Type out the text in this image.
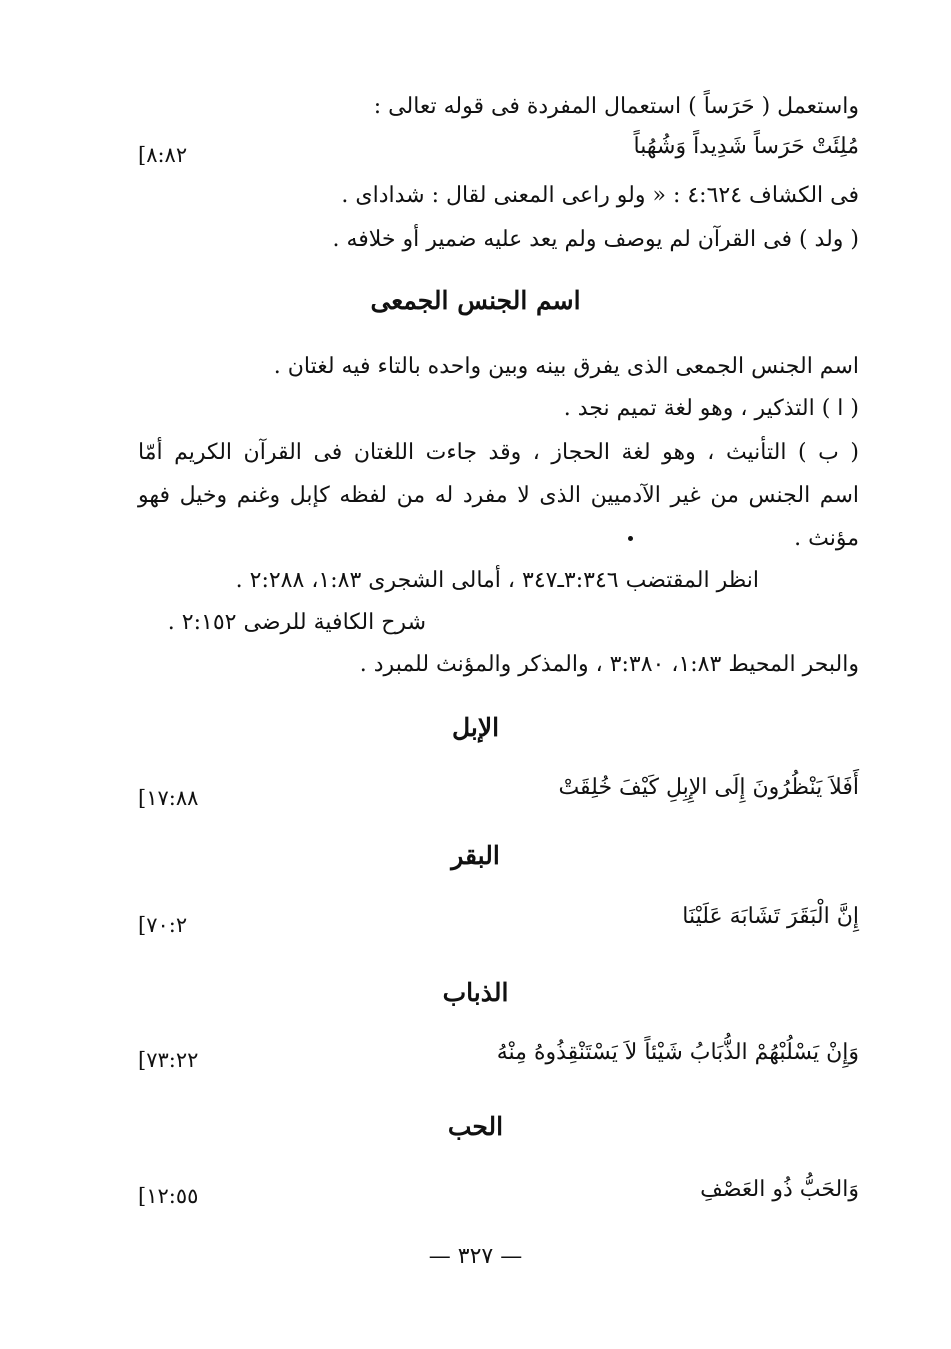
واستعمل ( حَرَساً ) استعمال المفردة فى قوله تعالى :
مُلِئَتْ حَرَساً شَدِيداً وَشُهُباً
[٨:٨٢
فى الكشاف ٤:٦٢٤ : « ولو راعى المعنى لقال : شدادای .
( ولد ) فى القرآن لم يوصف ولم يعد عليه ضمير أو خلافه .
اسم الجنس الجمعى
اسم الجنس الجمعى الذى يفرق بينه وبين واحده بالتاء فيه لغتان .
( ا ) التذكير ، وهو لغة تميم نجد .
( ب ) التأنيث ، وهو لغة الحجاز ، وقد جاءت اللغتان فى القرآن الكريم أمّا
اسم الجنس من غير الآدميين الذى لا مفرد له من لفظه كإبل وغنم وخيل فهو
مؤنث .
انظر المقتضب ٣:٣٤٦ـ٣٤٧ ، أمالى الشجرى ١:٨٣، ٢:٢٨٨ .
شرح الكافية للرضى ٢:١٥٢ .
والبحر المحيط ١:٨٣، ٣:٣٨٠ ، والمذكر والمؤنث للمبرد .
الإبل
أَفَلاَ يَنْظُرُونَ إِلَى الإِبِلِ كَيْفَ خُلِقَتْ
[١٧:٨٨
البقر
إِنَّ الْبَقَرَ تَشَابَهَ عَلَيْنَا
[٧٠:٢
الذباب
وَإِنْ يَسْلُبْهُمْ الذُّبَابُ شَيْئاً لاَ يَسْتَنْقِذُوهُ مِنْهُ
[٧٣:٢٢
الحب
وَالحَبُّ ذُو العَصْفِ
[١٢:٥٥
— ٣٢٧ —
